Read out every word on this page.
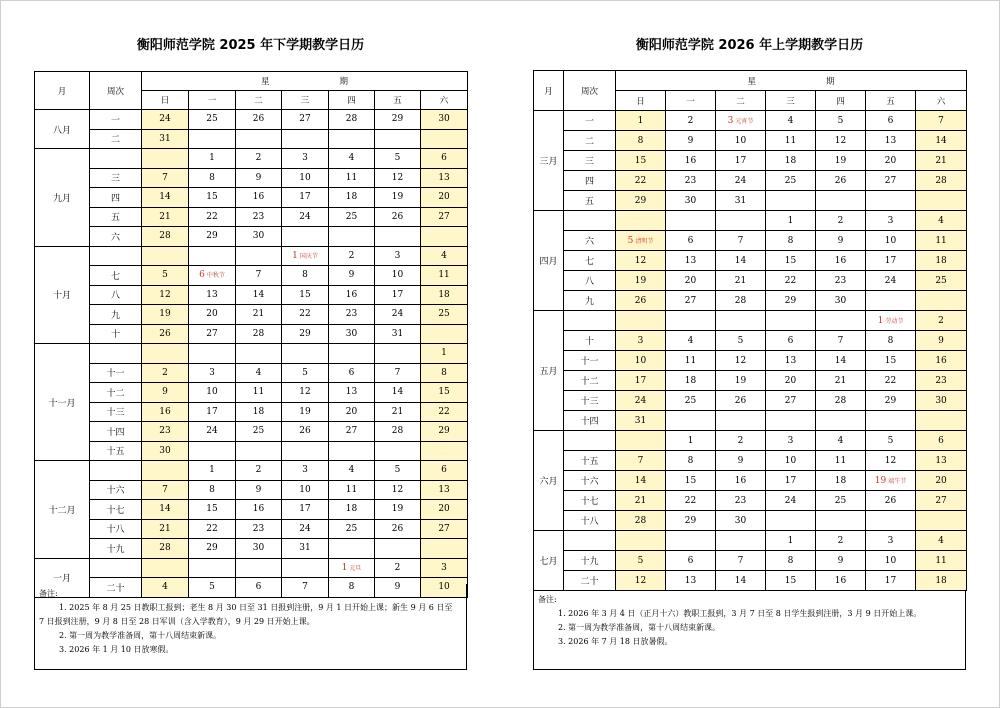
衡阳师范学院 2025 年下学期教学日历
月	周次	星 期						
		日	一	二	三	四	五	六
八月	一	24	25	26	27	28	29	30
	二	31						
九月			1	2	3	4	5	6
	三	7	8	9	10	11	12	13
	四	14	15	16	17	18	19	20
	五	21	22	23	24	25	26	27
	六	28	29	30				
十月					1 国庆节	2	3	4
	七	5	6 中秋节	7	8	9	10	11
	八	12	13	14	15	16	17	18
	九	19	20	21	22	23	24	25
	十	26	27	28	29	30	31	
十一月								1
	十一	2	3	4	5	6	7	8
	十二	9	10	11	12	13	14	15
	十三	16	17	18	19	20	21	22
	十四	23	24	25	26	27	28	29
	十五	30						
十二月			1	2	3	4	5	6
	十六	7	8	9	10	11	12	13
	十七	14	15	16	17	18	19	20
	十八	21	22	23	24	25	26	27
	十九	28	29	30	31			
一月						1 元旦	2	3
	二十	4	5	6	7	8	9	10

备注:

1. 2025 年 8 月 25 日教职工报到；老生 8 月 30 日至 31 日报到注册，9 月 1 日开始上课；新生 9 月 6 日至 7 日报到注册，9 月 8 日至 28 日军训（含入学教育），9 月 29 日开始上课。

2. 第一周为教学准备周，第十八周结束新课。

3. 2026 年 1 月 10 日放寒假。

衡阳师范学院 2026 年上学期教学日历
月	周次	星 期						
		日	一	二	三	四	五	六
三月	一	1	2	3 元宵节	4	5	6	7
	二	8	9	10	11	12	13	14
	三	15	16	17	18	19	20	21
	四	22	23	24	25	26	27	28
	五	29	30	31				
四月					1	2	3	4
	六	5 清明节	6	7	8	9	10	11
	七	12	13	14	15	16	17	18
	八	19	20	21	22	23	24	25
	九	26	27	28	29	30		
五月							1 劳动节	2
	十	3	4	5	6	7	8	9
	十一	10	11	12	13	14	15	16
	十二	17	18	19	20	21	22	23
	十三	24	25	26	27	28	29	30
	十四	31						
六月			1	2	3	4	5	6
	十五	7	8	9	10	11	12	13
	十六	14	15	16	17	18	19 端午节	20
	十七	21	22	23	24	25	26	27
	十八	28	29	30				
七月					1	2	3	4
	十九	5	6	7	8	9	10	11
	二十	12	13	14	15	16	17	18

备注:

1. 2026 年 3 月 4 日（正月十六）教职工报到，3 月 7 日至 8 日学生报到注册，3 月 9 日开始上课。

2. 第一周为教学准备周，第十八周结束新课。

3. 2026 年 7 月 18 日放暑假。
